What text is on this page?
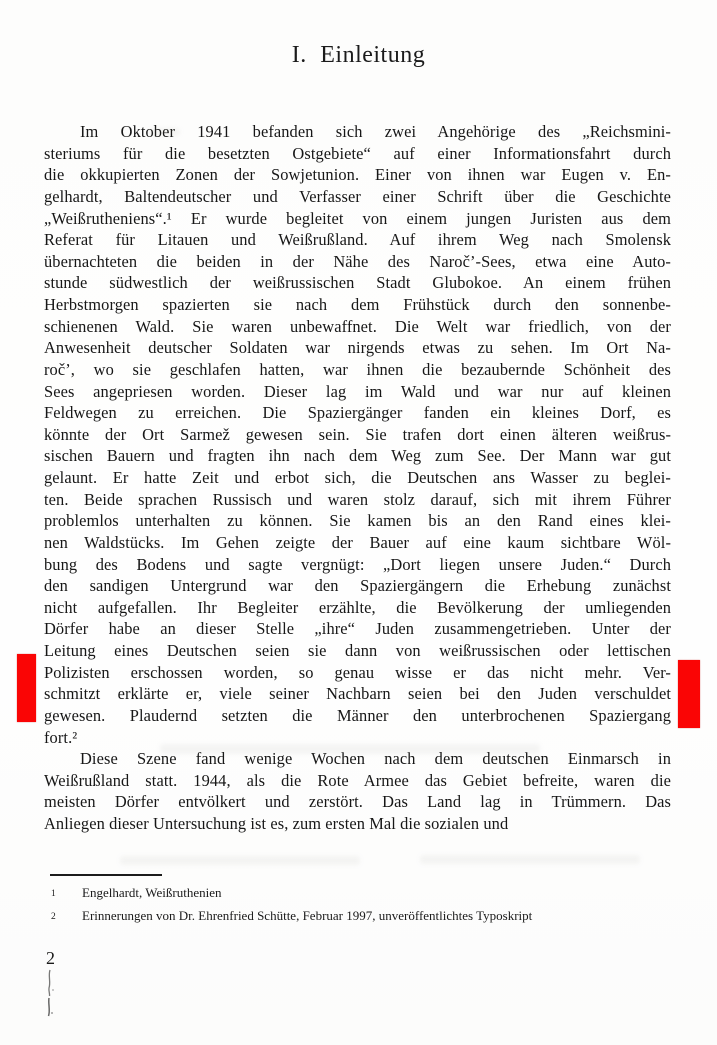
I. Einleitung
Im Oktober 1941 befanden sich zwei Angehörige des „Reichsmini-
steriums für die besetzten Ostgebiete“ auf einer Informationsfahrt durch
die okkupierten Zonen der Sowjetunion. Einer von ihnen war Eugen v. En-
gelhardt, Baltendeutscher und Verfasser einer Schrift über die Geschichte
„Weißrutheniens“.¹ Er wurde begleitet von einem jungen Juristen aus dem
Referat für Litauen und Weißrußland. Auf ihrem Weg nach Smolensk
übernachteten die beiden in der Nähe des Naroč’-Sees, etwa eine Auto-
stunde südwestlich der weißrussischen Stadt Glubokoe. An einem frühen
Herbstmorgen spazierten sie nach dem Frühstück durch den sonnenbe-
schienenen Wald. Sie waren unbewaffnet. Die Welt war friedlich, von der
Anwesenheit deutscher Soldaten war nirgends etwas zu sehen. Im Ort Na-
roč’, wo sie geschlafen hatten, war ihnen die bezaubernde Schönheit des
Sees angepriesen worden. Dieser lag im Wald und war nur auf kleinen
Feldwegen zu erreichen. Die Spaziergänger fanden ein kleines Dorf, es
könnte der Ort Sarmež gewesen sein. Sie trafen dort einen älteren weißrus-
sischen Bauern und fragten ihn nach dem Weg zum See. Der Mann war gut
gelaunt. Er hatte Zeit und erbot sich, die Deutschen ans Wasser zu beglei-
ten. Beide sprachen Russisch und waren stolz darauf, sich mit ihrem Führer
problemlos unterhalten zu können. Sie kamen bis an den Rand eines klei-
nen Waldstücks. Im Gehen zeigte der Bauer auf eine kaum sichtbare Wöl-
bung des Bodens und sagte vergnügt: „Dort liegen unsere Juden.“ Durch
den sandigen Untergrund war den Spaziergängern die Erhebung zunächst
nicht aufgefallen. Ihr Begleiter erzählte, die Bevölkerung der umliegenden
Dörfer habe an dieser Stelle „ihre“ Juden zusammengetrieben. Unter der
Leitung eines Deutschen seien sie dann von weißrussischen oder lettischen
Polizisten erschossen worden, so genau wisse er das nicht mehr. Ver-
schmitzt erklärte er, viele seiner Nachbarn seien bei den Juden verschuldet
gewesen. Plaudernd setzten die Männer den unterbrochenen Spaziergang
fort.²
Diese Szene fand wenige Wochen nach dem deutschen Einmarsch in
Weißrußland statt. 1944, als die Rote Armee das Gebiet befreite, waren die
meisten Dörfer entvölkert und zerstört. Das Land lag in Trümmern. Das
Anliegen dieser Untersuchung ist es, zum ersten Mal die sozialen und
1	Engelhardt, Weißruthenien
2	Erinnerungen von Dr. Ehrenfried Schütte, Februar 1997, unveröffentlichtes Typoskript
2
